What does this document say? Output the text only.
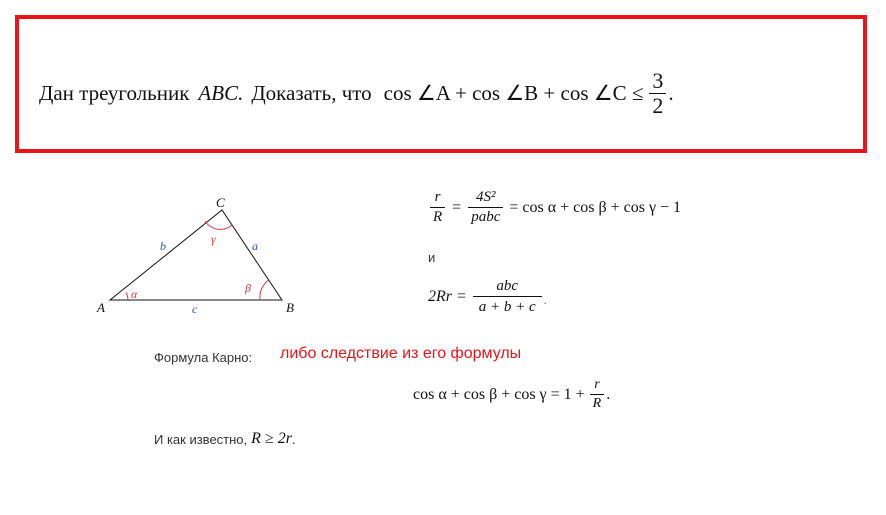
Дан треугольник ABC. Доказать, что cos ∠A + cos ∠B + cos ∠C ≤ $\frac{3}{2}$ .
A	B
C
a
b
c
α	β
γ
$\frac{r}{R} = \frac{\text{4S²}}{\text{pabc}} = \cos \alpha + \cos \beta + \cos \gamma - 1$
и
$2Rr = \frac{\text{abc}}{a + b + c}$ .
Формула Карно: либо следствие из его формулы
$\cos \alpha + \cos \beta + \cos \gamma = 1 + \frac{r}{R}$ .
И как известно, R ≥ 2r .
